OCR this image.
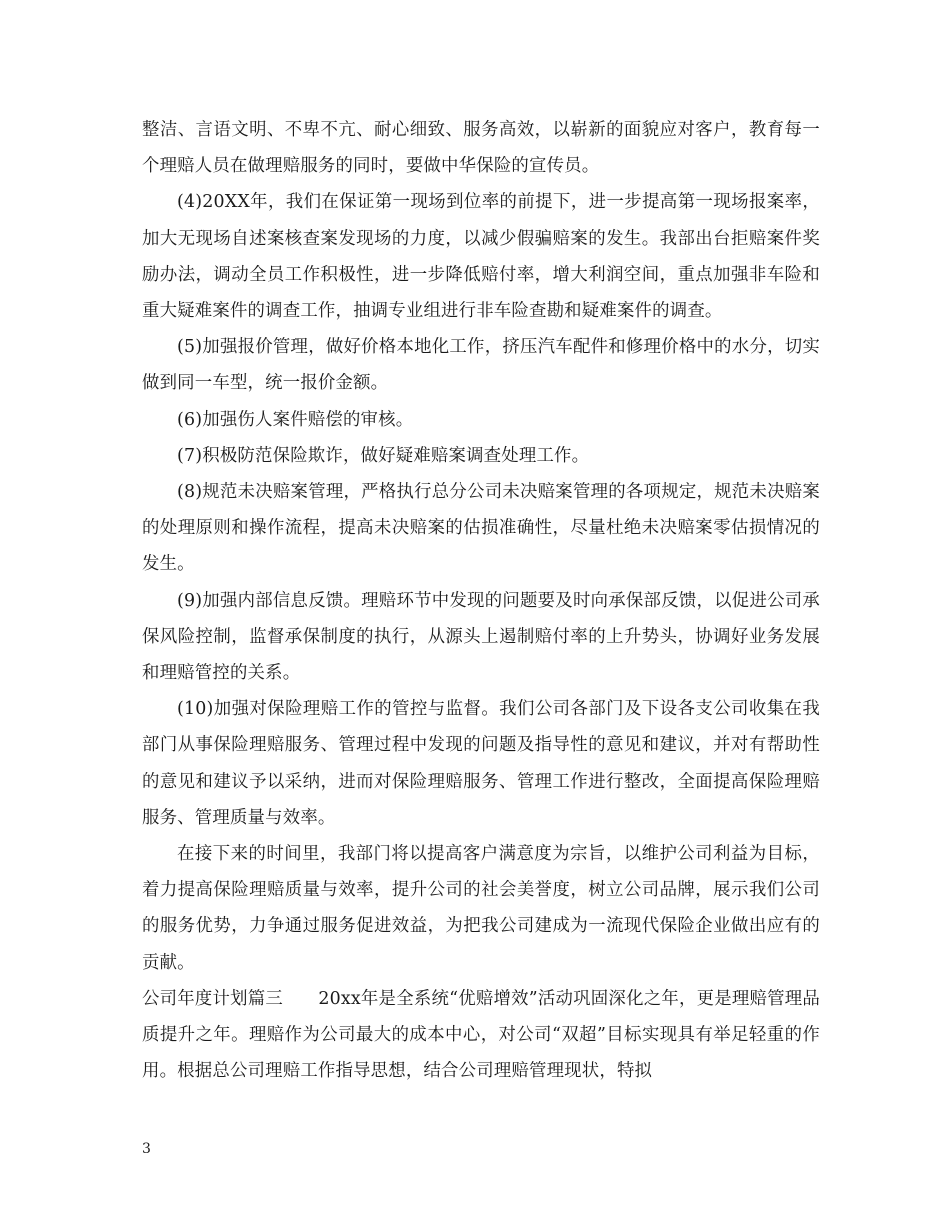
整洁、言语文明、不卑不亢、耐心细致、服务高效，以崭新的面貌应对客户，教育每一个理赔人员在做理赔服务的同时，要做中华保险的宣传员。

(4)20XX年，我们在保证第一现场到位率的前提下，进一步提高第一现场报案率，加大无现场自述案核查案发现场的力度，以减少假骗赔案的发生。我部出台拒赔案件奖励办法，调动全员工作积极性，进一步降低赔付率，增大利润空间，重点加强非车险和重大疑难案件的调查工作，抽调专业组进行非车险查勘和疑难案件的调查。

(5)加强报价管理，做好价格本地化工作，挤压汽车配件和修理价格中的水分，切实做到同一车型，统一报价金额。

(6)加强伤人案件赔偿的审核。

(7)积极防范保险欺诈，做好疑难赔案调查处理工作。

(8)规范未决赔案管理，严格执行总分公司未决赔案管理的各项规定，规范未决赔案的处理原则和操作流程，提高未决赔案的估损准确性，尽量杜绝未决赔案零估损情况的发生。

(9)加强内部信息反馈。理赔环节中发现的问题要及时向承保部反馈，以促进公司承保风险控制，监督承保制度的执行，从源头上遏制赔付率的上升势头，协调好业务发展和理赔管控的关系。

(10)加强对保险理赔工作的管控与监督。我们公司各部门及下设各支公司收集在我部门从事保险理赔服务、管理过程中发现的问题及指导性的意见和建议，并对有帮助性的意见和建议予以采纳，进而对保险理赔服务、管理工作进行整改，全面提高保险理赔服务、管理质量与效率。

在接下来的时间里，我部门将以提高客户满意度为宗旨，以维护公司利益为目标，着力提高保险理赔质量与效率，提升公司的社会美誉度，树立公司品牌，展示我们公司的服务优势，力争通过服务促进效益，为把我公司建成为一流现代保险企业做出应有的贡献。

公司年度计划篇三　　20xx年是全系统“优赔增效”活动巩固深化之年，更是理赔管理品质提升之年。理赔作为公司最大的成本中心，对公司“双超”目标实现具有举足轻重的作用。根据总公司理赔工作指导思想，结合公司理赔管理现状，特拟

3
